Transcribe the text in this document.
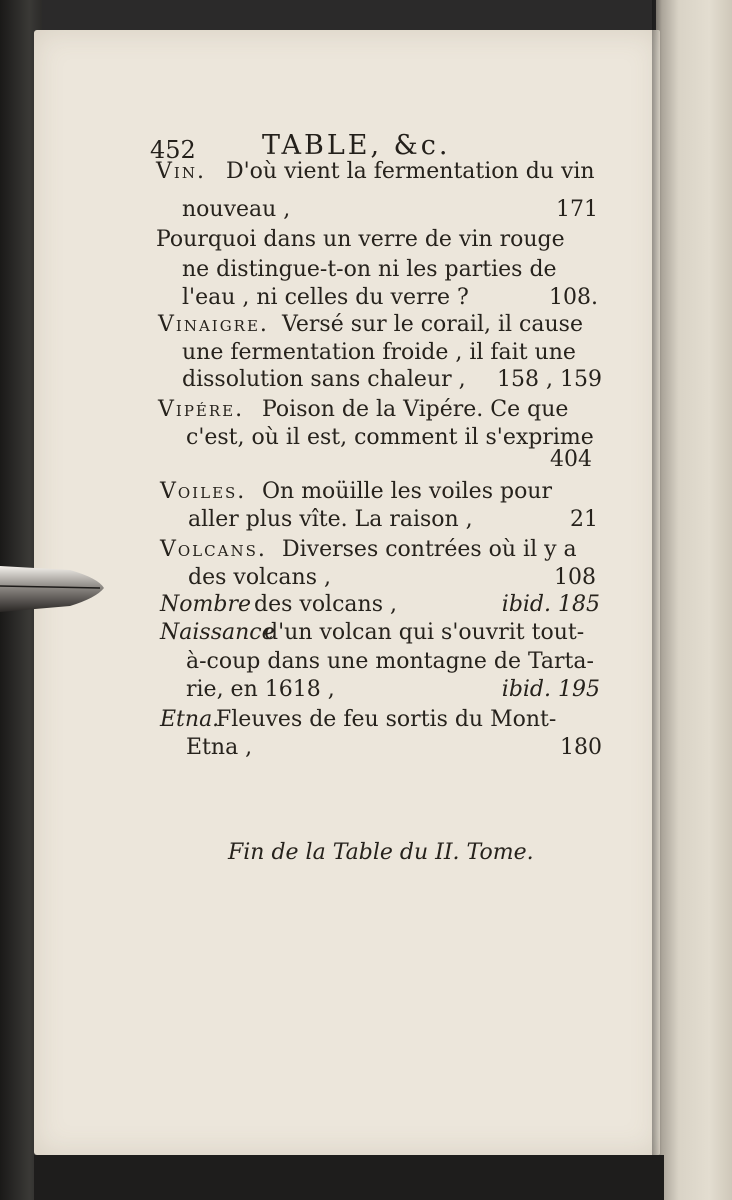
452 TABLE, &c.
Vin. D'où vient la fermentation du vin
nouveau ,	171
Pourquoi dans un verre de vin rouge
ne distingue-t-on ni les parties de
l'eau , ni celles du verre ?	108.
Vinaigre. Versé sur le corail, il cause
une fermentation froide , il fait une
dissolution sans chaleur ,	158 , 159
Vipére. Poison de la Vipére. Ce que
c'est, où il est, comment il s'exprime
404
Voiles. On moüille les voiles pour
aller plus vîte. La raison ,	21
Volcans. Diverses contrées où il y a
des volcans ,	108
Nombre des volcans ,	ibid. 185
Naissance
d'un volcan qui s'ouvrit tout-
à-coup dans une montagne de Tarta-
rie, en 1618 ,	ibid. 195
Etna.
Fleuves de feu sortis du Mont-
Etna ,	180
Fin de la Table du II. Tome.
